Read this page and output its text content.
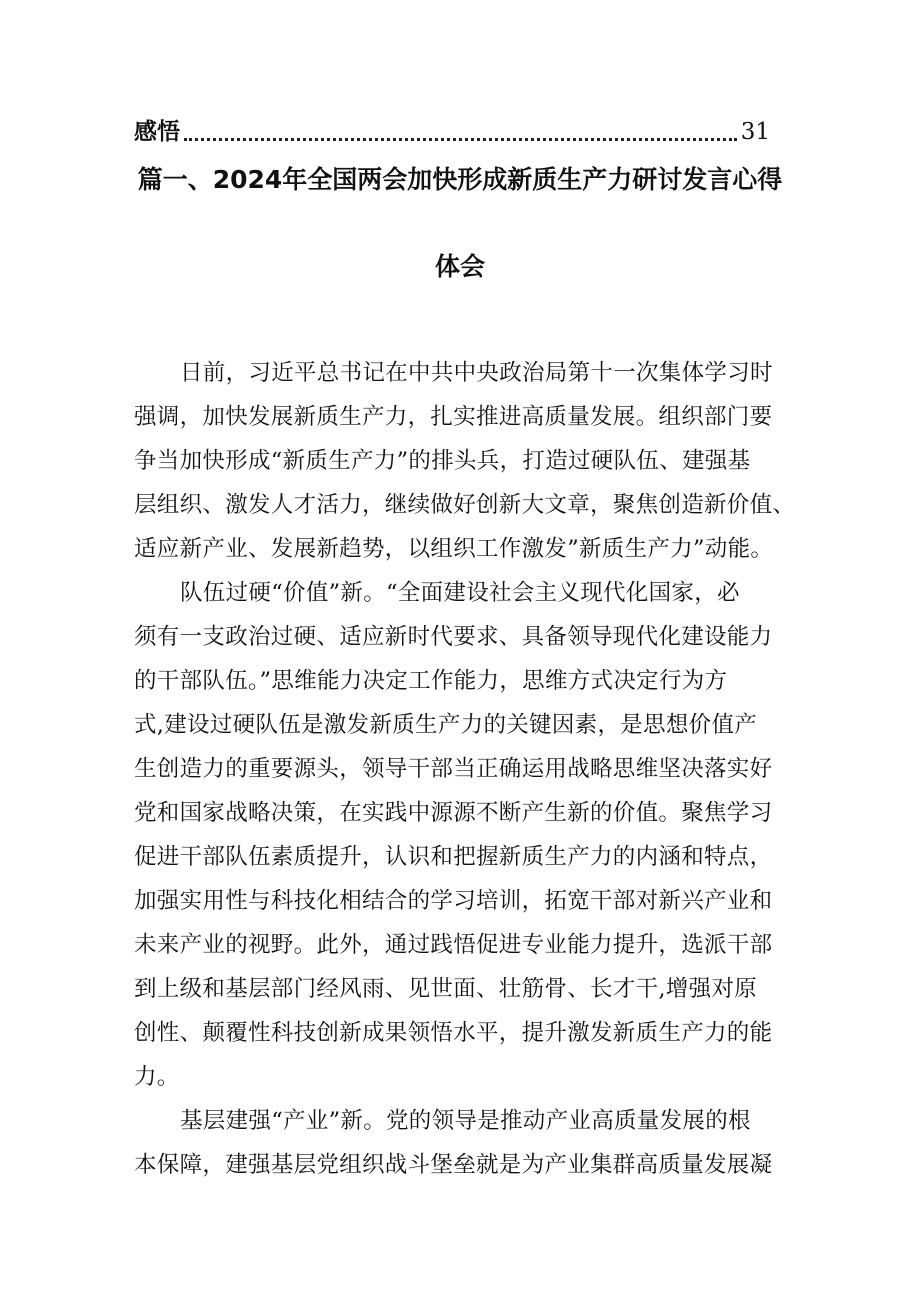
感悟	31
篇一、2024年全国两会加快形成新质生产力研讨发言心得
体会
日前，习近平总书记在中共中央政治局第十一次集体学习时
强调，加快发展新质生产力，扎实推进高质量发展。组织部门要
争当加快形成“新质生产力”的排头兵，打造过硬队伍、建强基
层组织、激发人才活力，继续做好创新大文章，聚焦创造新价值、
适应新产业、发展新趋势，以组织工作激发”新质生产力”动能。
队伍过硬“价值”新。“全面建设社会主义现代化国家，必
须有一支政治过硬、适应新时代要求、具备领导现代化建设能力
的干部队伍。”思维能力决定工作能力，思维方式决定行为方
式,建设过硬队伍是激发新质生产力的关键因素，是思想价值产
生创造力的重要源头，领导干部当正确运用战略思维坚决落实好
党和国家战略决策，在实践中源源不断产生新的价值。聚焦学习
促进干部队伍素质提升，认识和把握新质生产力的内涵和特点，
加强实用性与科技化相结合的学习培训，拓宽干部对新兴产业和
未来产业的视野。此外，通过践悟促进专业能力提升，选派干部
到上级和基层部门经风雨、见世面、壮筋骨、长才干,增强对原
创性、颠覆性科技创新成果领悟水平，提升激发新质生产力的能
力。
基层建强“产业”新。党的领导是推动产业高质量发展的根
本保障，建强基层党组织战斗堡垒就是为产业集群高质量发展凝
